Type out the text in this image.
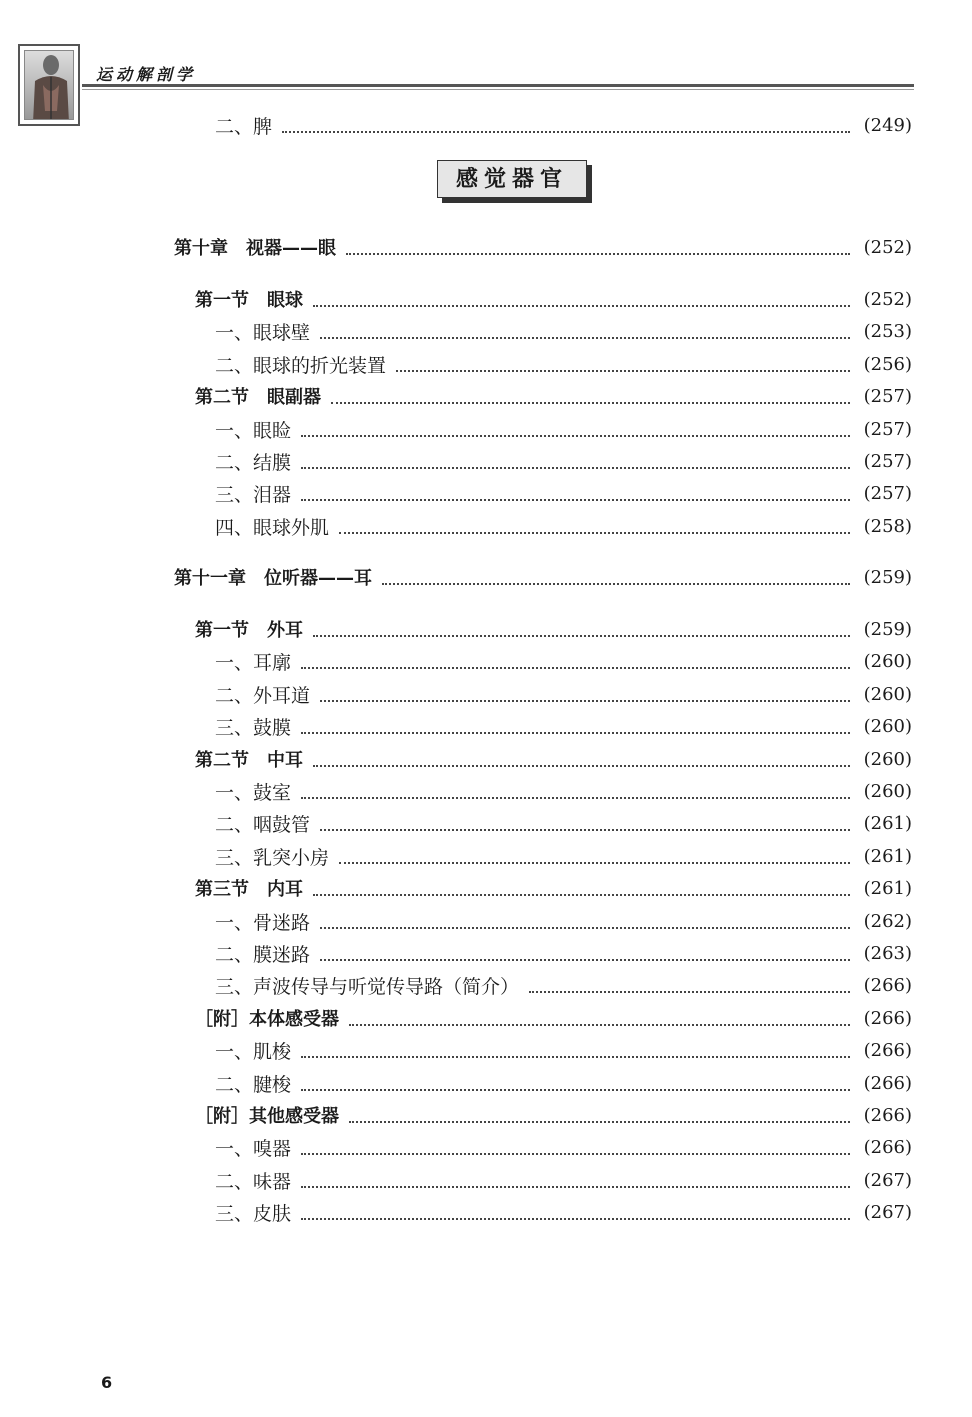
运动解剖学
感觉器官
二、脾	(249)
第十章　视器——眼	(252)
第一节　眼球	(252)
一、眼球壁	(253)
二、眼球的折光装置	(256)
第二节　眼副器	(257)
一、眼睑	(257)
二、结膜	(257)
三、泪器	(257)
四、眼球外肌	(258)
第十一章　位听器——耳	(259)
第一节　外耳	(259)
一、耳廓	(260)
二、外耳道	(260)
三、鼓膜	(260)
第二节　中耳	(260)
一、鼓室	(260)
二、咽鼓管	(261)
三、乳突小房	(261)
第三节　内耳	(261)
一、骨迷路	(262)
二、膜迷路	(263)
三、声波传导与听觉传导路（简介）	(266)
［附］本体感受器	(266)
一、肌梭	(266)
二、腱梭	(266)
［附］其他感受器	(266)
一、嗅器	(266)
二、味器	(267)
三、皮肤	(267)
6
